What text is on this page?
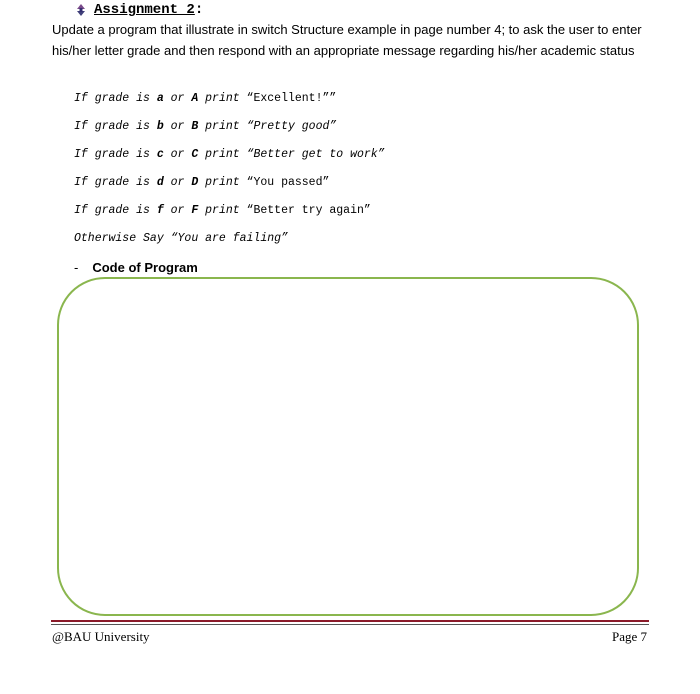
Assignment 2:
Update a program that illustrate in switch Structure example in page number 4; to ask the user to enter his/her letter grade and then respond with an appropriate message regarding his/her academic status
If grade is a or A print “Excellent!””
If grade is b or B print “Pretty good”
If grade is c or C print “Better get to work”
If grade is d or D print “You passed”
If grade is f or F print “Better try again”
Otherwise Say “You are failing”
- Code of Program
@BAU University	Page 7
